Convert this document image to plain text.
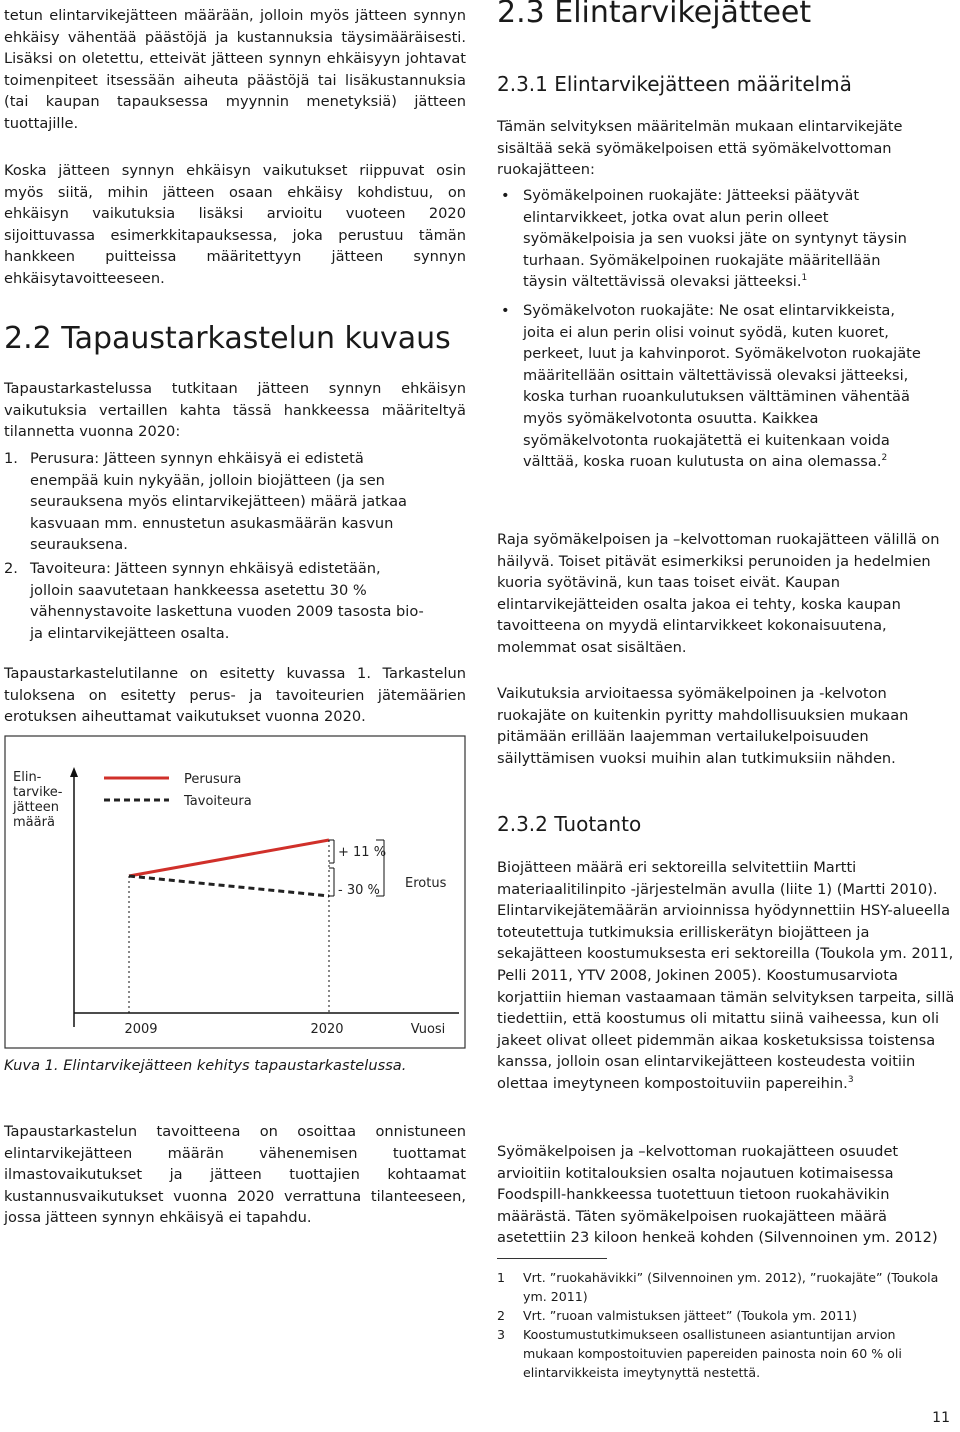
tetun elintarvikejätteen määrään, jolloin myös jätteen synnyn ehkäisy vähentää päästöjä ja kustannuksia täysimääräisesti. Lisäksi on oletettu, etteivät jätteen synnyn ehkäisyyn johtavat toimenpiteet itsessään aiheuta päästöjä tai lisäkustannuksia (tai kaupan tapauksessa myynnin menetyksiä) jätteen tuottajille.

Koska jätteen synnyn ehkäisyn vaikutukset riippuvat osin myös siitä, mihin jätteen osaan ehkäisy kohdistuu, on ehkäisyn vaikutuksia lisäksi arvioitu vuoteen 2020 sijoittuvassa esimerkkitapauksessa, joka perustuu tämän hankkeen puitteissa määritettyyn jätteen synnyn ehkäisytavoitteeseen.

2.2 Tapaustarkastelun kuvaus

Tapaustarkastelussa tutkitaan jätteen synnyn ehkäisyn vaikutuksia vertaillen kahta tässä hankkeessa määriteltyä tilannetta vuonna 2020:

1. Perusura: Jätteen synnyn ehkäisyä ei edistetä enempää kuin nykyään, jolloin biojätteen (ja sen seurauksena myös elintarvikejätteen) määrä jatkaa kasvuaan mm. ennustetun asukasmäärän kasvun seurauksena.
2. Tavoiteura: Jätteen synnyn ehkäisyä edistetään, jolloin saavutetaan hankkeessa asetettu 30 % vähennystavoite laskettuna vuoden 2009 tasosta bio- ja elintarvikejätteen osalta.

Tapaustarkastelutilanne on esitetty kuvassa 1. Tarkastelun tuloksena on esitetty perus- ja tavoiteurien jätemäärien erotuksen aiheuttamat vaikutukset vuonna 2020.

Elin-
tarvike-
jätteen
määrä
Perusura
Tavoiteura
+ 11 %
- 30 % Erotus
2009	2020	Vuosi
Kuva 1. Elintarvikejätteen kehitys tapaustarkastelussa.

Tapaustarkastelun tavoitteena on osoittaa onnistuneen elintarvikejätteen määrän vähenemisen tuottamat ilmastovaikutukset ja jätteen tuottajien kohtaamat kustannusvaikutukset vuonna 2020 verrattuna tilanteeseen, jossa jätteen synnyn ehkäisyä ei tapahdu.

2.3 Elintarvikejätteet
2.3.1 Elintarvikejätteen määritelmä

Tämän selvityksen määritelmän mukaan elintarvikejäte sisältää sekä syömäkelpoisen että syömäkelvottoman ruokajätteen:

• Syömäkelpoinen ruokajäte: Jätteeksi päätyvät elintarvikkeet, jotka ovat alun perin olleet syömäkelpoisia ja sen vuoksi jäte on syntynyt täysin turhaan. Syömäkelpoinen ruokajäte määritellään täysin vältettävissä olevaksi jätteeksi.$^1$
• Syömäkelvoton ruokajäte: Ne osat elintarvikkeista, joita ei alun perin olisi voinut syödä, kuten kuoret, perkeet, luut ja kahvinporot. Syömäkelvoton ruokajäte määritellään osittain vältettävissä olevaksi jätteeksi, koska turhan ruoankulutuksen välttäminen vähentää myös syömäkelvotonta osuutta. Kaikkea syömäkelvotonta ruokajätettä ei kuitenkaan voida välttää, koska ruoan kulutusta on aina olemassa.$^2$

Raja syömäkelpoisen ja –kelvottoman ruokajätteen välillä on häilyvä. Toiset pitävät esimerkiksi perunoiden ja hedelmien kuoria syötävinä, kun taas toiset eivät. Kaupan elintarvikejätteiden osalta jakoa ei tehty, koska kaupan tavoitteena on myydä elintarvikkeet kokonaisuutena, molemmat osat sisältäen.

Vaikutuksia arvioitaessa syömäkelpoinen ja -kelvoton ruokajäte on kuitenkin pyritty mahdollisuuksien mukaan pitämään erillään laajemman vertailukelpoisuuden säilyttämisen vuoksi muihin alan tutkimuksiin nähden.

2.3.2 Tuotanto

Biojätteen määrä eri sektoreilla selvitettiin Martti materiaalitilinpito -järjestelmän avulla (liite 1) (Martti 2010). Elintarvikejätemäärän arvioinnissa hyödynnettiin HSY-alueella toteutettuja tutkimuksia erilliskerätyn biojätteen ja sekajätteen koostumuksesta eri sektoreilla (Toukola ym. 2011, Pelli 2011, YTV 2008, Jokinen 2005). Koostumusarviota korjattiin hieman vastaamaan tämän selvityksen tarpeita, sillä tiedettiin, että koostumus oli mitattu siinä vaiheessa, kun oli jakeet olivat olleet pidemmän aikaa kosketuksissa toistensa kanssa, jolloin osan elintarvikejätteen kosteudesta voitiin olettaa imeytyneen kompostoituviin papereihin.$^3$

Syömäkelpoisen ja –kelvottoman ruokajätteen osuudet arvioitiin kotitalouksien osalta nojautuen kotimaisessa Foodspill-hankkeessa tuotettuun tietoon ruokahävikin määrästä. Täten syömäkelpoisen ruokajätteen määrä asetettiin 23 kiloon henkeä kohden (Silvennoinen ym. 2012)

1 Vrt. ”ruokahävikki” (Silvennoinen ym. 2012), ”ruokajäte” (Toukola ym. 2011)
2 Vrt. ”ruoan valmistuksen jätteet” (Toukola ym. 2011)
3 Koostumustutkimukseen osallistuneen asiantuntijan arvion mukaan kompostoituvien papereiden painosta noin 60 % oli elintarvikkeista imeytynyttä nestettä.
11
